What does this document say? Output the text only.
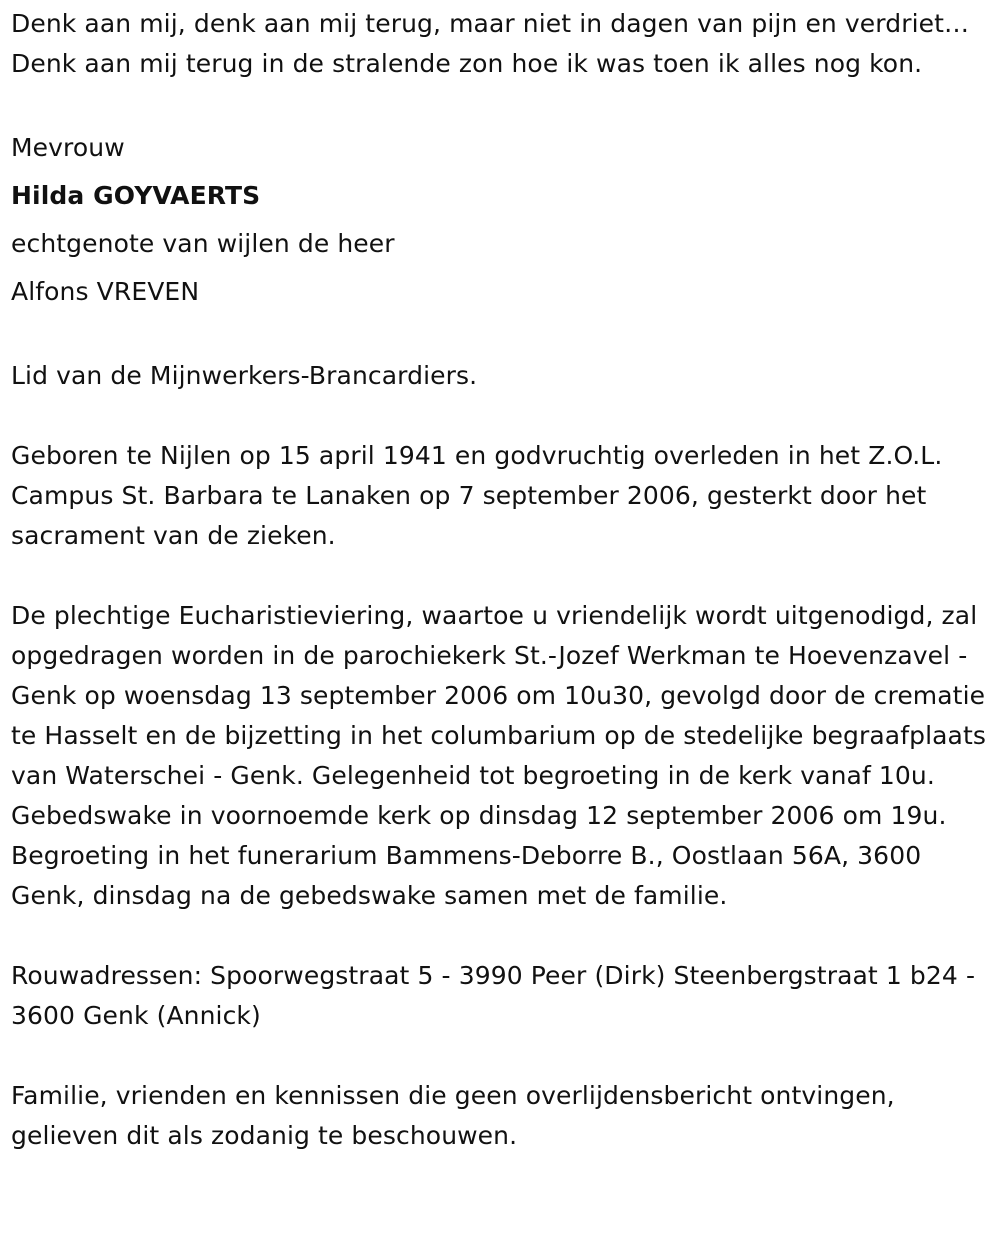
Denk aan mij, denk aan mij terug, maar niet in dagen van pijn en verdriet… Denk aan mij terug in de stralende zon hoe ik was toen ik alles nog kon.

Mevrouw

Hilda GOYVAERTS

echtgenote van wijlen de heer

Alfons VREVEN

Lid van de Mijnwerkers-Brancardiers.

Geboren te Nijlen op 15 april 1941 en godvruchtig overleden in het Z.O.L. Campus St. Barbara te Lanaken op 7 september 2006, gesterkt door het sacrament van de zieken.

De plechtige Eucharistieviering, waartoe u vriendelijk wordt uitgenodigd, zal opgedragen worden in de parochiekerk St.-Jozef Werkman te Hoevenzavel - Genk op woensdag 13 september 2006 om 10u30, gevolgd door de crematie te Hasselt en de bijzetting in het columbarium op de stedelijke begraafplaats van Waterschei - Genk. Gelegenheid tot begroeting in de kerk vanaf 10u. Gebedswake in voornoemde kerk op dinsdag 12 september 2006 om 19u. Begroeting in het funerarium Bammens-Deborre B., Oostlaan 56A, 3600 Genk, dinsdag na de gebedswake samen met de familie.

Rouwadressen: Spoorwegstraat 5 - 3990 Peer (Dirk) Steenbergstraat 1 b24 - 3600 Genk (Annick)

Familie, vrienden en kennissen die geen overlijdensbericht ontvingen, gelieven dit als zodanig te beschouwen.
